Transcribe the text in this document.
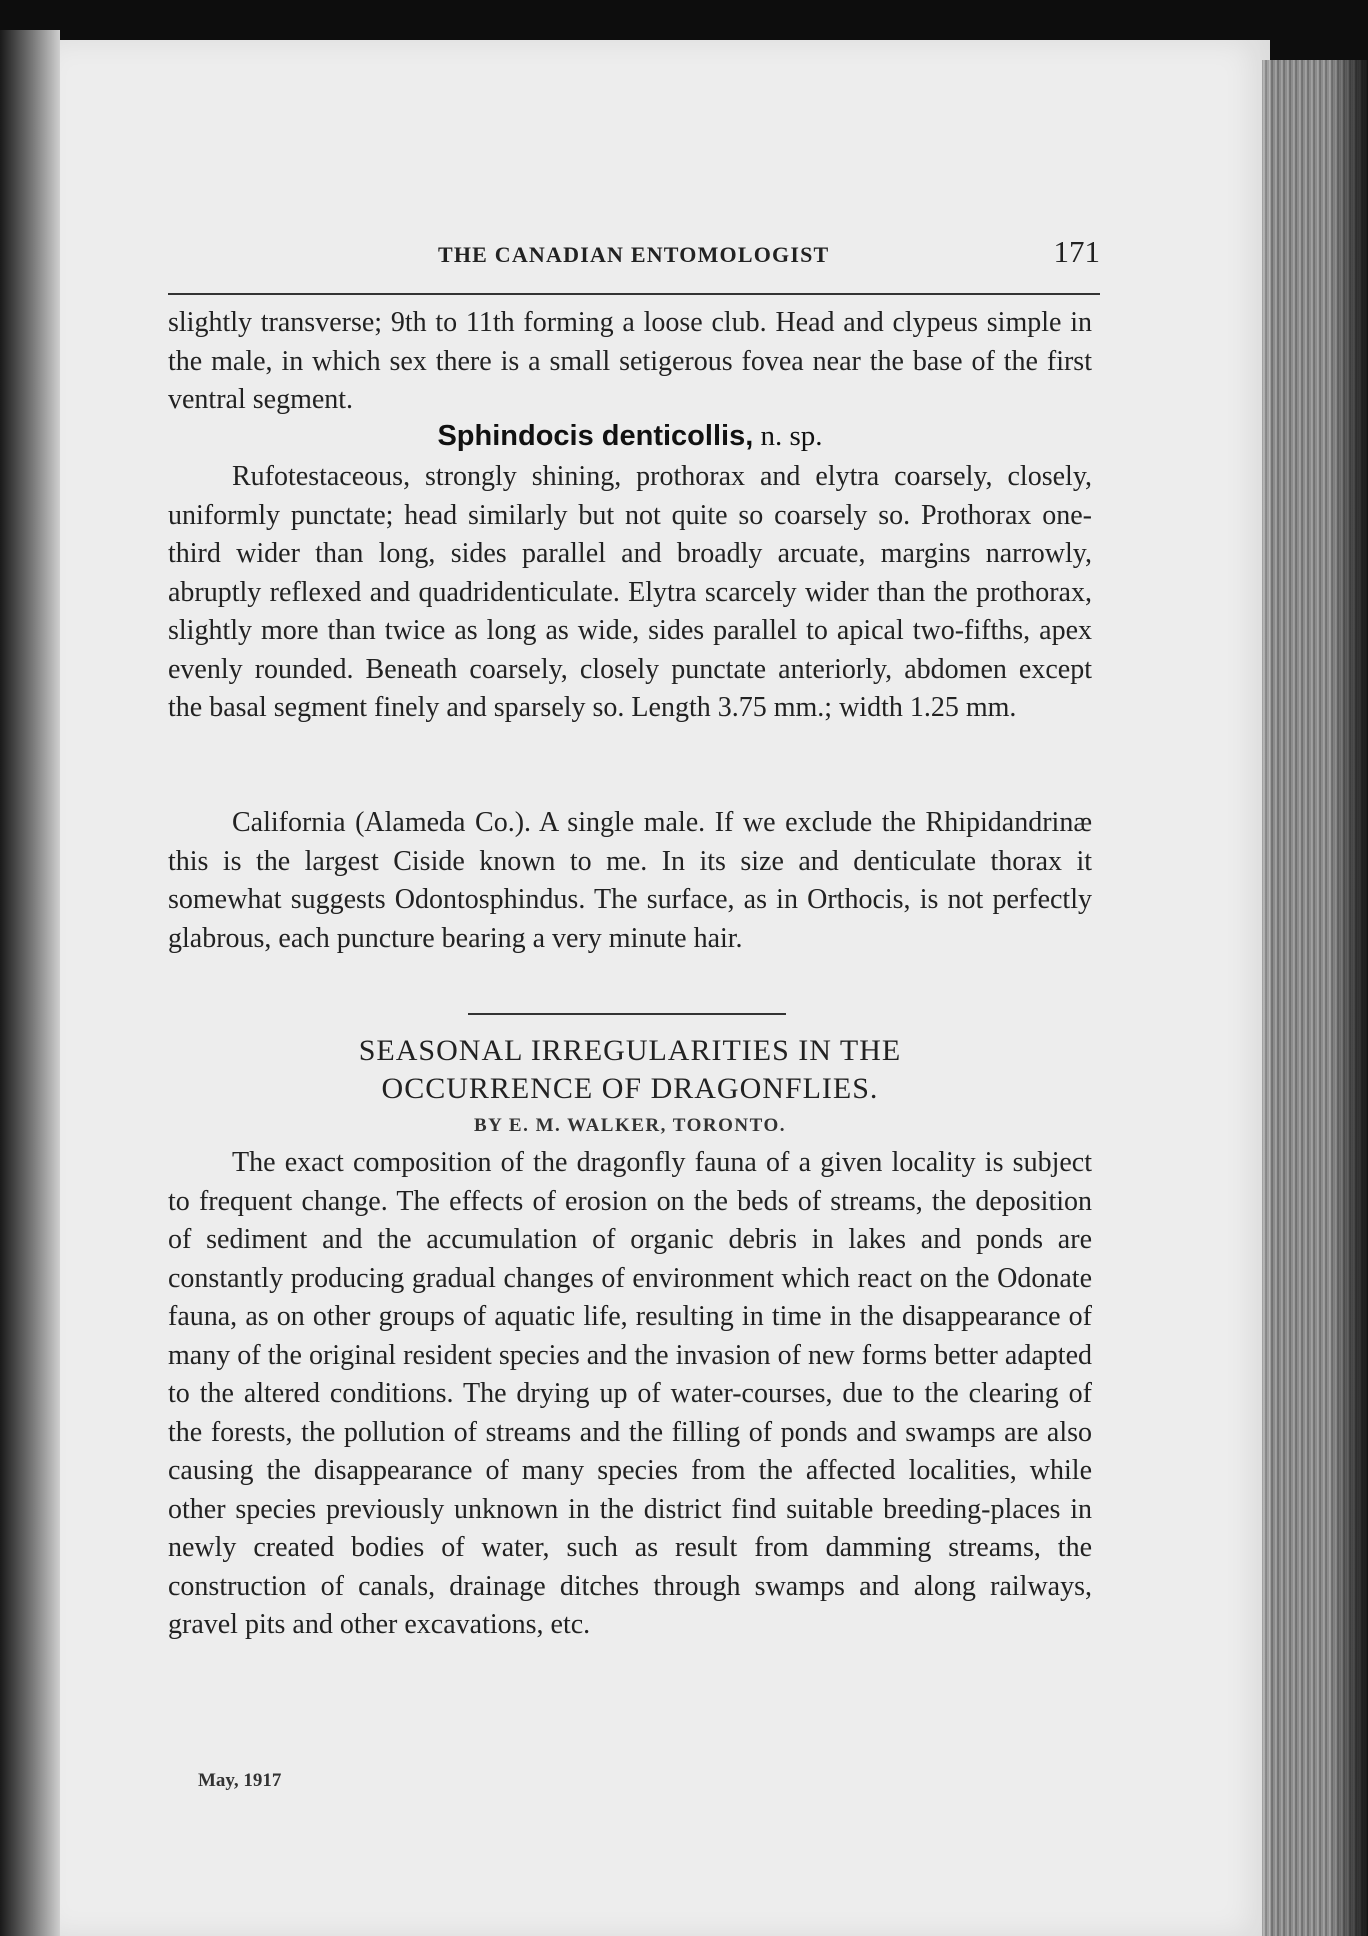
THE CANADIAN ENTOMOLOGIST	171
slightly transverse; 9th to 11th forming a loose club. Head and clypeus simple in the male, in which sex there is a small setigerous fovea near the base of the first ventral segment.
Sphindocis denticollis, n. sp.
Rufotestaceous, strongly shining, prothorax and elytra coarsely, closely, uniformly punctate; head similarly but not quite so coarsely so. Prothorax one-third wider than long, sides parallel and broadly arcuate, margins narrowly, abruptly reflexed and quadridenticulate. Elytra scarcely wider than the prothorax, slightly more than twice as long as wide, sides parallel to apical two-fifths, apex evenly rounded. Beneath coarsely, closely punctate anteriorly, abdomen except the basal segment finely and sparsely so. Length 3.75 mm.; width 1.25 mm.
California (Alameda Co.). A single male. If we exclude the Rhipidandrinæ this is the largest Ciside known to me. In its size and denticulate thorax it somewhat suggests Odontosphindus. The surface, as in Orthocis, is not perfectly glabrous, each puncture bearing a very minute hair.
SEASONAL IRREGULARITIES IN THE
OCCURRENCE OF DRAGONFLIES.
BY E. M. WALKER, TORONTO.
The exact composition of the dragonfly fauna of a given locality is subject to frequent change. The effects of erosion on the beds of streams, the deposition of sediment and the accumulation of organic debris in lakes and ponds are constantly producing gradual changes of environment which react on the Odonate fauna, as on other groups of aquatic life, resulting in time in the disappearance of many of the original resident species and the invasion of new forms better adapted to the altered conditions. The drying up of water-courses, due to the clearing of the forests, the pollution of streams and the filling of ponds and swamps are also causing the disappearance of many species from the affected localities, while other species previously unknown in the district find suitable breeding-places in newly created bodies of water, such as result from damming streams, the construction of canals, drainage ditches through swamps and along railways, gravel pits and other excavations, etc.
May, 1917
